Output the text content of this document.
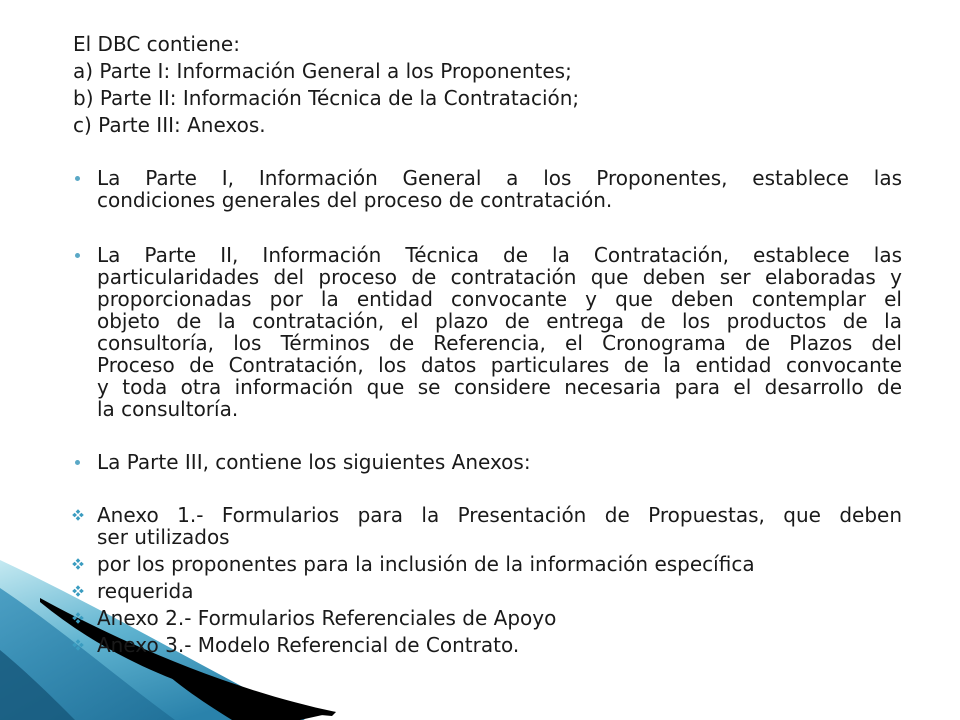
El DBC contiene:
a) Parte I: Información General a los Proponentes;
b) Parte II: Información Técnica de la Contratación;
c) Parte III: Anexos.
La Parte I, Información General a los Proponentes, establece las
condiciones generales del proceso de contratación.
La Parte II, Información Técnica de la Contratación, establece las
particularidades del proceso de contratación que deben ser elaboradas y
proporcionadas por la entidad convocante y que deben contemplar el
objeto de la contratación, el plazo de entrega de los productos de la
consultoría, los Términos de Referencia, el Cronograma de Plazos del
Proceso de Contratación, los datos particulares de la entidad convocante
y toda otra información que se considere necesaria para el desarrollo de
la consultoría.
La Parte III, contiene los siguientes Anexos:
Anexo 1.- Formularios para la Presentación de Propuestas, que deben
ser utilizados
por los proponentes para la inclusión de la información específica
requerida
Anexo 2.- Formularios Referenciales de Apoyo
Anexo 3.- Modelo Referencial de Contrato.
